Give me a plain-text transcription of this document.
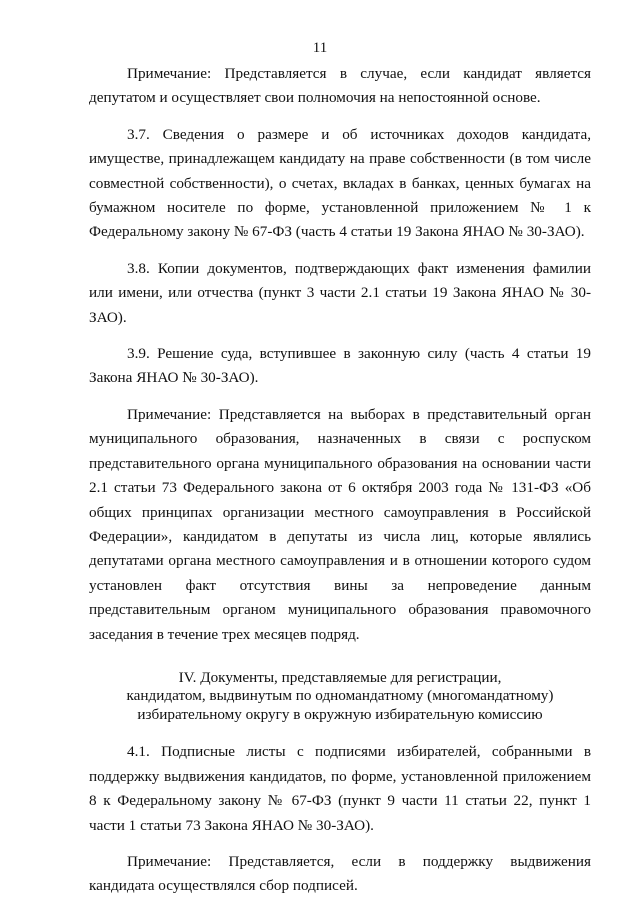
11

Примечание: Представляется в случае, если кандидат является депутатом и осуществляет свои полномочия на непостоянной основе.

3.7. Сведения о размере и об источниках доходов кандидата, имуществе, принадлежащем кандидату на праве собственности (в том числе совместной собственности), о счетах, вкладах в банках, ценных бумагах на бумажном носителе по форме, установленной приложением № 1 к Федеральному закону № 67-ФЗ (часть 4 статьи 19 Закона ЯНАО № 30-ЗАО).

3.8. Копии документов, подтверждающих факт изменения фамилии или имени, или отчества (пункт 3 части 2.1 статьи 19 Закона ЯНАО № 30-ЗАО).

3.9. Решение суда, вступившее в законную силу (часть 4 статьи 19 Закона ЯНАО № 30-ЗАО).

Примечание: Представляется на выборах в представительный орган муниципального образования, назначенных в связи с роспуском представительного органа муниципального образования на основании части 2.1 статьи 73 Федерального закона от 6 октября 2003 года № 131-ФЗ «Об общих принципах организации местного самоуправления в Российской Федерации», кандидатом в депутаты из числа лиц, которые являлись депутатами органа местного самоуправления и в отношении которого судом установлен факт отсутствия вины за непроведение данным представительным органом муниципального образования правомочного заседания в течение трех месяцев подряд.

IV. Документы, представляемые для регистрации,
кандидатом, выдвинутым по одномандатному (многомандатному)
избирательному округу в окружную избирательную комиссию

4.1. Подписные листы с подписями избирателей, собранными в поддержку выдвижения кандидатов, по форме, установленной приложением 8 к Федеральному закону № 67-ФЗ (пункт 9 части 11 статьи 22, пункт 1 части 1 статьи 73 Закона ЯНАО № 30-ЗАО).

Примечание: Представляется, если в поддержку выдвижения кандидата осуществлялся сбор подписей.
